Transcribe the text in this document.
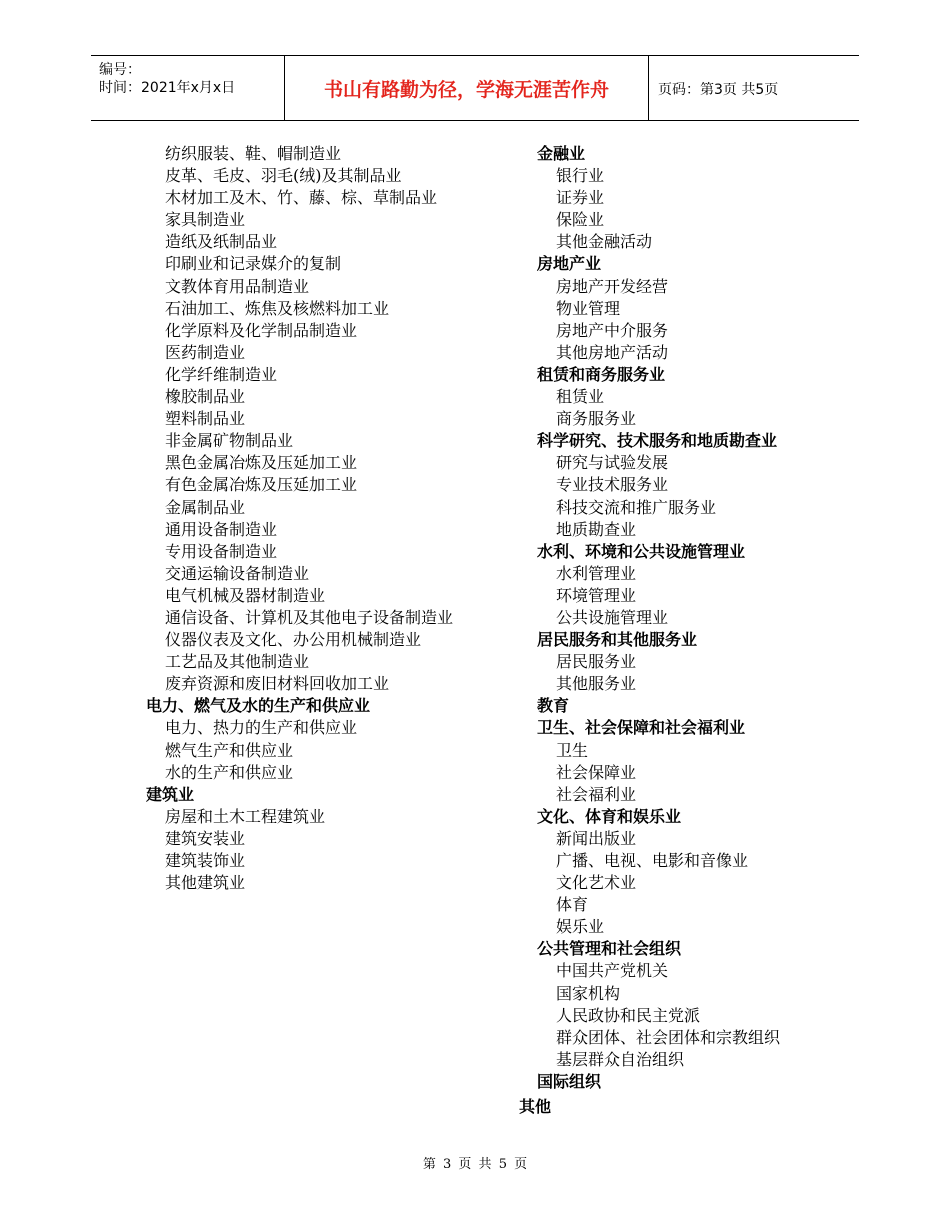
编号：
时间：2021年x月x日	书山有路勤为径，学海无涯苦作舟	页码：第3页 共5页
纺织服装、鞋、帽制造业
皮革、毛皮、羽毛(绒)及其制品业
木材加工及木、竹、藤、棕、草制品业
家具制造业
造纸及纸制品业
印刷业和记录媒介的复制
文教体育用品制造业
石油加工、炼焦及核燃料加工业
化学原料及化学制品制造业
医药制造业
化学纤维制造业
橡胶制品业
塑料制品业
非金属矿物制品业
黑色金属冶炼及压延加工业
有色金属冶炼及压延加工业
金属制品业
通用设备制造业
专用设备制造业
交通运输设备制造业
电气机械及器材制造业
通信设备、计算机及其他电子设备制造业
仪器仪表及文化、办公用机械制造业
工艺品及其他制造业
废弃资源和废旧材料回收加工业
电力、燃气及水的生产和供应业
电力、热力的生产和供应业
燃气生产和供应业
水的生产和供应业
建筑业
房屋和土木工程建筑业
建筑安装业
建筑装饰业
其他建筑业
金融业
银行业
证券业
保险业
其他金融活动
房地产业
房地产开发经营
物业管理
房地产中介服务
其他房地产活动
租赁和商务服务业
租赁业
商务服务业
科学研究、技术服务和地质勘查业
研究与试验发展
专业技术服务业
科技交流和推广服务业
地质勘查业
水利、环境和公共设施管理业
水利管理业
环境管理业
公共设施管理业
居民服务和其他服务业
居民服务业
其他服务业
教育
卫生、社会保障和社会福利业
卫生
社会保障业
社会福利业
文化、体育和娱乐业
新闻出版业
广播、电视、电影和音像业
文化艺术业
体育
娱乐业
公共管理和社会组织
中国共产党机关
国家机构
人民政协和民主党派
群众团体、社会团体和宗教组织
基层群众自治组织
国际组织
其他
第 3 页 共 5 页
